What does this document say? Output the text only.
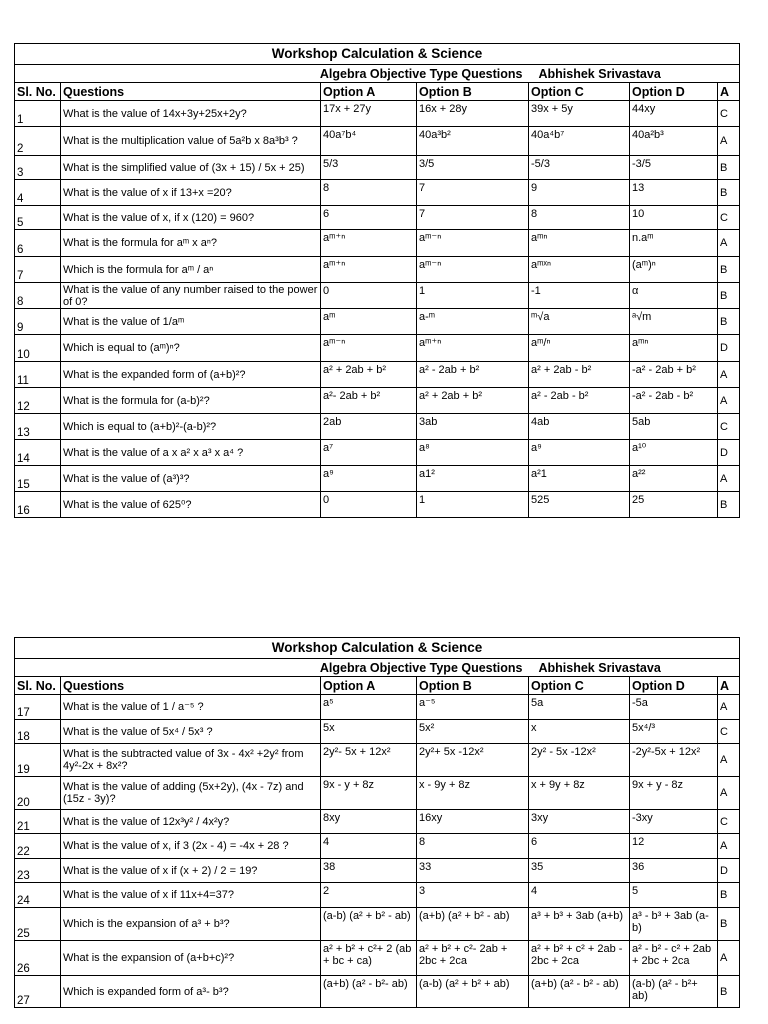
Workshop Calculation & Science						
	Algebra Objective Type Questions			Abhishek Srivastava		
Sl. No.	Questions	Option A	Option B	Option C	Option D	A
1	What is the value of 14x+3y+25x+2y?	17x + 27y	16x + 28y	39x + 5y	44xy	C
2	What is the multiplication value of 5a²b x 8a³b³ ?	40a⁷b⁴	40a³b²	40a⁴b⁷	40a²b³	A
3	What is the simplified value of (3x + 15) / 5x + 25)	5/3	3/5	-5/3	-3/5	B
4	What is the value of x if 13+x =20?	8	7	9	13	B
5	What is the value of x, if x (120) = 960?	6	7	8	10	C
6	What is the formula for aᵐ x aⁿ?	aᵐ⁺ⁿ	aᵐ⁻ⁿ	aᵐⁿ	n.aᵐ	A
7	Which is the formula for aᵐ / aⁿ	aᵐ⁺ⁿ	aᵐ⁻ⁿ	aᵐˣⁿ	(aᵐ)ⁿ	B
8	What is the value of any number raised to the power of 0?	0	1	-1	α	B
9	What is the value of 1/aᵐ	aᵐ	a-ᵐ	ᵐ√a	ᵃ√m	B
10	Which is equal to (aᵐ)ⁿ?	aᵐ⁻ⁿ	aᵐ⁺ⁿ	aᵐ/ⁿ	aᵐⁿ	D
11	What is the expanded form of (a+b)²?	a² + 2ab + b²	a² - 2ab + b²	a² + 2ab - b²	-a² - 2ab + b²	A
12	What is the formula for (a-b)²?	a²- 2ab + b²	a² + 2ab + b²	a² - 2ab - b²	-a² - 2ab - b²	A
13	Which is equal to (a+b)²-(a-b)²?	2ab	3ab	4ab	5ab	C
14	What is the value of a x a² x a³ x a⁴ ?	a⁷	a⁸	a⁹	a¹⁰	D
15	What is the value of (a³)³?	a⁹	a1²	a²1	a²²	A
16	What is the value of 625⁰?	0	1	525	25	B
Workshop Calculation & Science						
	Algebra Objective Type Questions			Abhishek Srivastava		
Sl. No.	Questions	Option A	Option B	Option C	Option D	A
17	What is the value of 1 / a⁻⁵ ?	a⁵	a⁻⁵	5a	-5a	A
18	What is the value of 5x⁴ / 5x³ ?	5x	5x²	x	5x⁴/³	C
19	What is the subtracted value of 3x - 4x² +2y² from 4y²-2x + 8x²?	2y²- 5x + 12x²	2y²+ 5x -12x²	2y² - 5x -12x²	-2y²-5x + 12x²	A
20	What is the value of adding (5x+2y), (4x - 7z) and (15z - 3y)?	9x - y + 8z	x - 9y + 8z	x + 9y + 8z	9x + y - 8z	A
21	What is the value of 12x³y² / 4x²y?	8xy	16xy	3xy	-3xy	C
22	What is the value of x, if 3 (2x - 4) = -4x + 28 ?	4	8	6	12	A
23	What is the value of x if (x + 2) / 2 = 19?	38	33	35	36	D
24	What is the value of x if 11x+4=37?	2	3	4	5	B
25	Which is the expansion of a³ + b³?	(a-b) (a² + b² - ab)	(a+b) (a² + b² - ab)	a³ + b³ + 3ab (a+b)	a³ - b³ + 3ab (a-b)	B
26	What is the expansion of (a+b+c)²?	a² + b² + c²+ 2 (ab + bc + ca)	a² + b² + c²- 2ab + 2bc + 2ca	a² + b² + c² + 2ab - 2bc + 2ca	a² - b² - c² + 2ab + 2bc + 2ca	A
27	Which is expanded form of a³- b³?	(a+b) (a² - b²- ab)	(a-b) (a² + b² + ab)	(a+b) (a² - b² - ab)	(a-b) (a² - b²+ ab)	B
